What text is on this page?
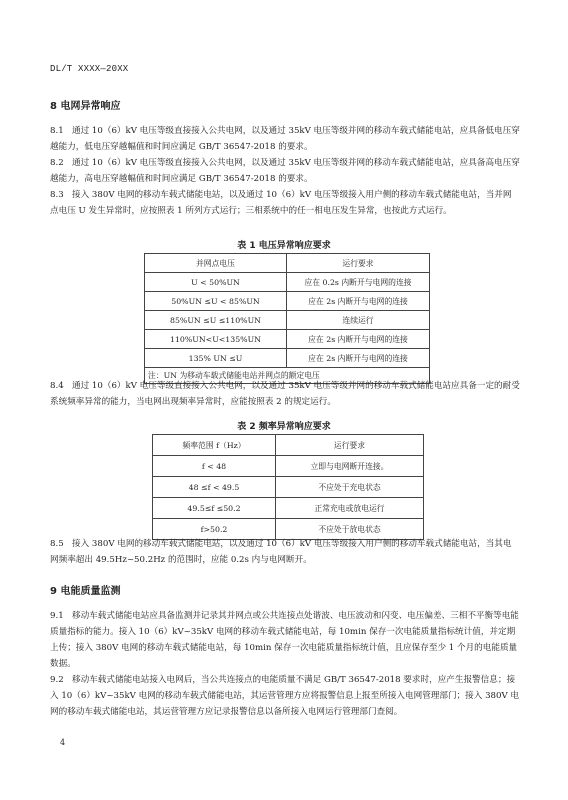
DL/T XXXX—20XX
8 电网异常响应

8.1 通过 10（6）kV 电压等级直接接入公共电网，以及通过 35kV 电压等级并网的移动车载式储能电站，应具备低电压穿越能力，低电压穿越幅值和时间应满足 GB/T 36547-2018 的要求。

8.2 通过 10（6）kV 电压等级直接接入公共电网，以及通过 35kV 电压等级并网的移动车载式储能电站，应具备高电压穿越能力，高电压穿越幅值和时间应满足 GB/T 36547-2018 的要求。

8.3 接入 380V 电网的移动车载式储能电站，以及通过 10（6）kV 电压等级接入用户侧的移动车载式储能电站，当并网点电压 U 发生异常时，应按照表 1 所列方式运行；三相系统中的任一相电压发生异常，也按此方式运行。

表 1 电压异常响应要求
并网点电压	运行要求
U < 50%UN	应在 0.2s 内断开与电网的连接
50%UN ≤U < 85%UN	应在 2s 内断开与电网的连接
85%UN ≤U ≤110%UN	连续运行
110%UN<U<135%UN	应在 2s 内断开与电网的连接
135% UN ≤U	应在 2s 内断开与电网的连接
注：UN 为移动车载式储能电站并网点的额定电压	

8.4 通过 10（6）kV 电压等级直接接入公共电网，以及通过 35kV 电压等级并网的移动车载式储能电站应具备一定的耐受系统频率异常的能力，当电网出现频率异常时，应能按照表 2 的规定运行。

表 2 频率异常响应要求
频率范围 f（Hz）	运行要求
f < 48	立即与电网断开连接。
48 ≤f < 49.5	不应处于充电状态
49.5≤f ≤50.2	正常充电或放电运行
f>50.2	不应处于放电状态

8.5 接入 380V 电网的移动车载式储能电站，以及通过 10（6）kV 电压等级接入用户侧的移动车载式储能电站，当其电网频率超出 49.5Hz~50.2Hz 的范围时，应能 0.2s 内与电网断开。

9 电能质量监测

9.1 移动车载式储能电站应具备监测并记录其并网点或公共连接点处谐波、电压波动和闪变、电压偏差、三相不平衡等电能质量指标的能力。接入 10（6）kV~35kV 电网的移动车载式储能电站，每 10min 保存一次电能质量指标统计值，并定期上传；接入 380V 电网的移动车载式储能电站，每 10min 保存一次电能质量指标统计值，且应保存至少 1 个月的电能质量数据。

9.2 移动车载式储能电站接入电网后，当公共连接点的电能质量不满足 GB/T 36547-2018 要求时，应产生报警信息；接入 10（6）kV~35kV 电网的移动车载式储能电站，其运营管理方应将报警信息上报至所接入电网管理部门；接入 380V 电网的移动车载式储能电站，其运营管理方应记录报警信息以备所接入电网运行管理部门查阅。

4
